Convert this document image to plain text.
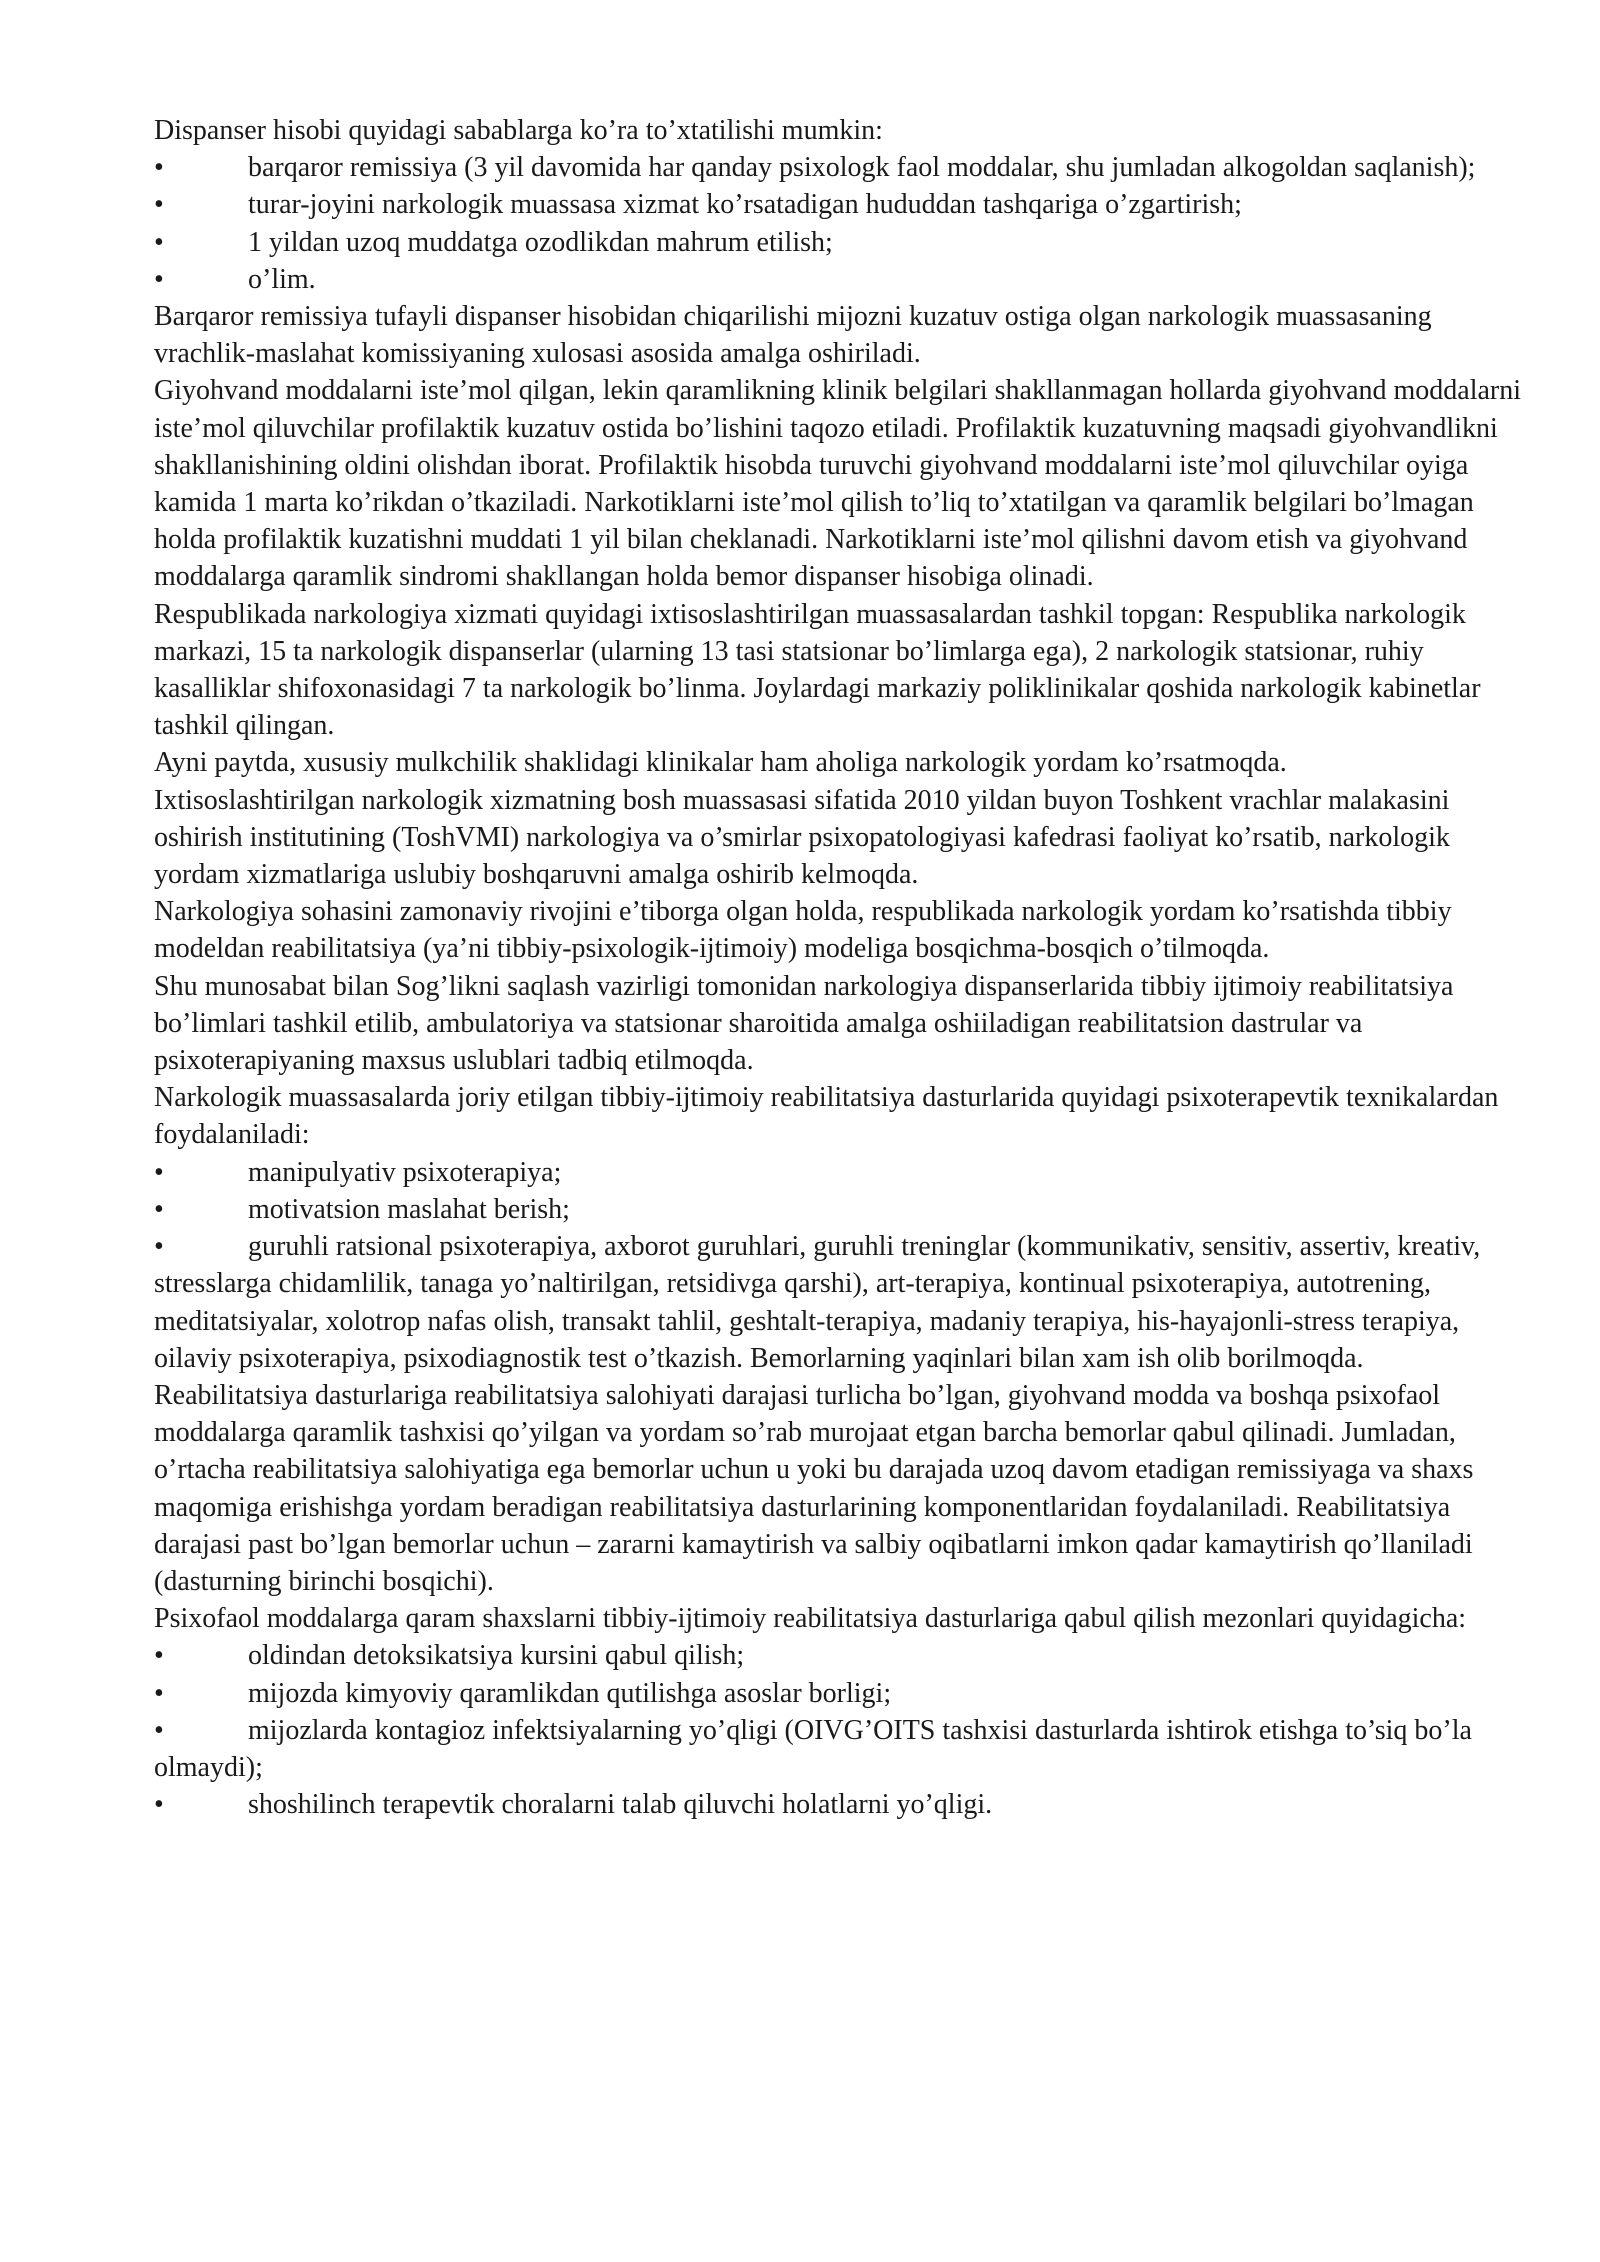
Dispanser hisobi quyidagi sabablarga ko’ra to’xtatilishi mumkin:

•	barqaror remissiya (3 yil davomida har qanday psixologk faol moddalar, shu jumladan alkogoldan saqlanish);

•	turar-joyini narkologik muassasa xizmat ko’rsatadigan hududdan tashqariga o’zgartirish;

•	1 yildan uzoq muddatga ozodlikdan mahrum etilish;

•	o’lim.

Barqaror remissiya tufayli dispanser hisobidan chiqarilishi mijozni kuzatuv ostiga olgan narkologik muassasaning vrachlik-maslahat komissiyaning xulosasi asosida amalga oshiriladi.

Giyohvand moddalarni iste’mol qilgan, lekin qaramlikning klinik belgilari shakllanmagan hollarda giyohvand moddalarni iste’mol qiluvchilar profilaktik kuzatuv ostida bo’lishini taqozo etiladi. Profilaktik kuzatuvning maqsadi giyohvandlikni shakllanishining oldini olishdan iborat. Profilaktik hisobda turuvchi giyohvand moddalarni iste’mol qiluvchilar oyiga kamida 1 marta ko’rikdan o’tkaziladi. Narkotiklarni iste’mol qilish to’liq to’xtatilgan va qaramlik belgilari bo’lmagan holda profilaktik kuzatishni muddati 1 yil bilan cheklanadi. Narkotiklarni iste’mol qilishni davom etish va giyohvand moddalarga qaramlik sindromi shakllangan holda bemor dispanser hisobiga olinadi.

Respublikada narkologiya xizmati quyidagi ixtisoslashtirilgan muassasalardan tashkil topgan: Respublika narkologik markazi, 15 ta narkologik dispanserlar (ularning 13 tasi statsionar bo’limlarga ega), 2 narkologik statsionar, ruhiy kasalliklar shifoxonasidagi 7 ta narkologik bo’linma. Joylardagi markaziy poliklinikalar qoshida narkologik kabinetlar tashkil qilingan.

Ayni paytda, xususiy mulkchilik shaklidagi klinikalar ham aholiga narkologik yordam ko’rsatmoqda.

Ixtisoslashtirilgan narkologik xizmatning bosh muassasasi sifatida 2010 yildan buyon Toshkent vrachlar malakasini oshirish institutining (ToshVMI) narkologiya va o’smirlar psixopatologiyasi kafedrasi faoliyat ko’rsatib, narkologik yordam xizmatlariga uslubiy boshqaruvni amalga oshirib kelmoqda.

Narkologiya sohasini zamonaviy rivojini e’tiborga olgan holda, respublikada narkologik yordam ko’rsatishda tibbiy modeldan reabilitatsiya (ya’ni tibbiy-psixologik-ijtimoiy) modeliga bosqichma-bosqich o’tilmoqda.

Shu munosabat bilan Sog’likni saqlash vazirligi tomonidan narkologiya dispanserlarida tibbiy ijtimoiy reabilitatsiya bo’limlari tashkil etilib, ambulatoriya va statsionar sharoitida amalga oshiiladigan reabilitatsion dastrular va psixoterapiyaning maxsus uslublari tadbiq etilmoqda.

Narkologik muassasalarda joriy etilgan tibbiy-ijtimoiy reabilitatsiya dasturlarida quyidagi psixoterapevtik texnikalardan foydalaniladi:

•	manipulyativ psixoterapiya;

•	motivatsion maslahat berish;

•	guruhli ratsional psixoterapiya, axborot guruhlari, guruhli treninglar (kommunikativ, sensitiv, assertiv, kreativ, stresslarga chidamlilik, tanaga yo’naltirilgan, retsidivga qarshi), art-terapiya, kontinual psixoterapiya, autotrening, meditatsiyalar, xolotrop nafas olish, transakt tahlil, geshtalt-terapiya, madaniy terapiya, his-hayajonli-stress terapiya, oilaviy psixoterapiya, psixodiagnostik test o’tkazish. Bemorlarning yaqinlari bilan xam ish olib borilmoqda.

Reabilitatsiya dasturlariga reabilitatsiya salohiyati darajasi turlicha bo’lgan, giyohvand modda va boshqa psixofaol moddalarga qaramlik tashxisi qo’yilgan va yordam so’rab murojaat etgan barcha bemorlar qabul qilinadi. Jumladan, o’rtacha reabilitatsiya salohiyatiga ega bemorlar uchun u yoki bu darajada uzoq davom etadigan remissiyaga va shaxs maqomiga erishishga yordam beradigan reabilitatsiya dasturlarining komponentlaridan foydalaniladi. Reabilitatsiya darajasi past bo’lgan bemorlar uchun – zararni kamaytirish va salbiy oqibatlarni imkon qadar kamaytirish qo’llaniladi (dasturning birinchi bosqichi).

Psixofaol moddalarga qaram shaxslarni tibbiy-ijtimoiy reabilitatsiya dasturlariga qabul qilish mezonlari quyidagicha:

•	oldindan detoksikatsiya kursini qabul qilish;

•	mijozda kimyoviy qaramlikdan qutilishga asoslar borligi;

•	mijozlarda kontagioz infektsiyalarning yo’qligi (OIVG’OITS tashxisi dasturlarda ishtirok etishga to’siq bo’la olmaydi);

•	shoshilinch terapevtik choralarni talab qiluvchi holatlarni yo’qligi.
